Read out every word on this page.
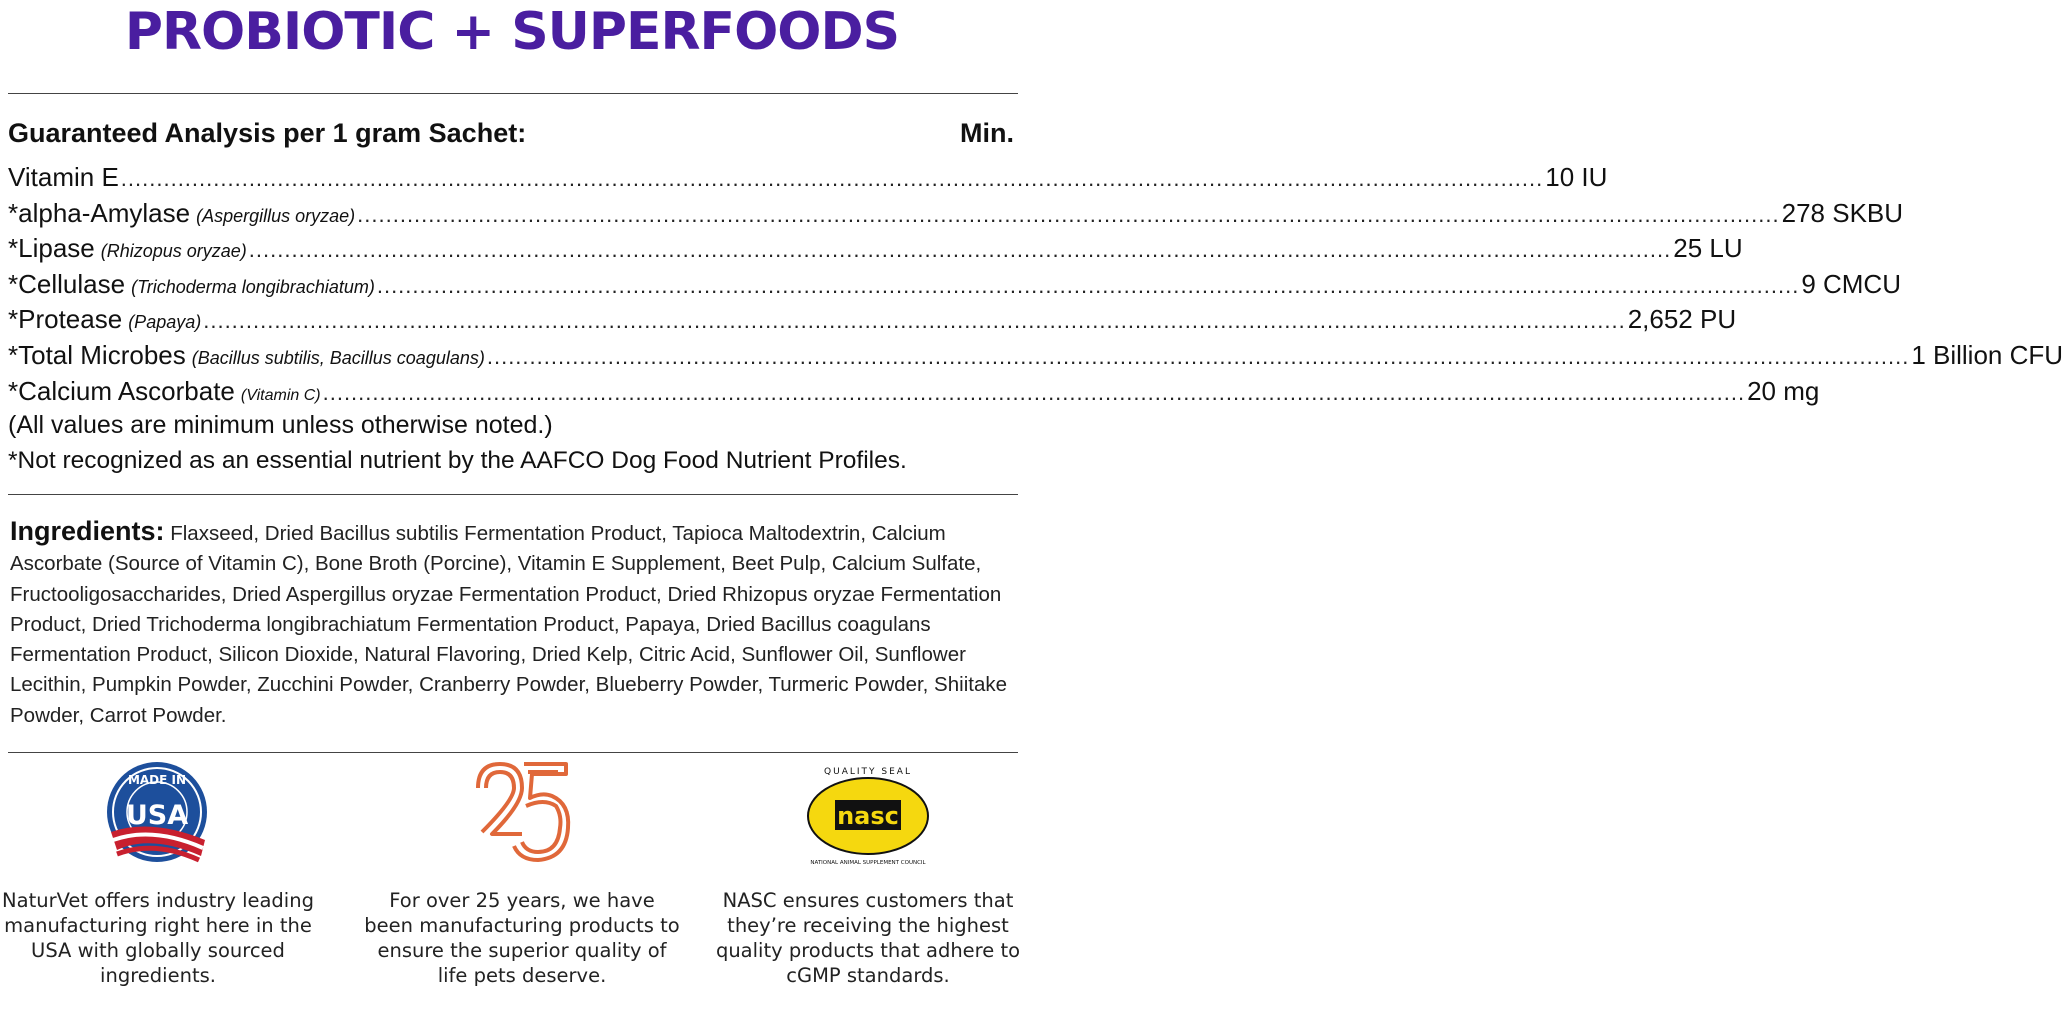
PROBIOTIC + SUPERFOODS
Guaranteed Analysis per 1 gram Sachet:	Min.
Vitamin E ........................................................................................................................................................................................................ 10 IU
*alpha-Amylase (Aspergillus oryzae) ........................................................................................................................................................................................................ 278 SKBU
*Lipase (Rhizopus oryzae) ........................................................................................................................................................................................................ 25 LU
*Cellulase (Trichoderma longibrachiatum) ........................................................................................................................................................................................................ 9 CMCU
*Protease (Papaya) ........................................................................................................................................................................................................ 2,652 PU
*Total Microbes (Bacillus subtilis, Bacillus coagulans) ........................................................................................................................................................................................................ 1 Billion CFU
*Calcium Ascorbate (Vitamin C) ........................................................................................................................................................................................................ 20 mg
(All values are minimum unless otherwise noted.)
*Not recognized as an essential nutrient by the AAFCO Dog Food Nutrient Profiles.
Ingredients: Flaxseed, Dried Bacillus subtilis Fermentation Product, Tapioca Maltodextrin, Calcium Ascorbate (Source of Vitamin C), Bone Broth (Porcine), Vitamin E Supplement, Beet Pulp, Calcium Sulfate, Fructooligosaccharides, Dried Aspergillus oryzae Fermentation Product, Dried Rhizopus oryzae Fermentation Product, Dried Trichoderma longibrachiatum Fermentation Product, Papaya, Dried Bacillus coagulans Fermentation Product, Silicon Dioxide, Natural Flavoring, Dried Kelp, Citric Acid, Sunflower Oil, Sunflower Lecithin, Pumpkin Powder, Zucchini Powder, Cranberry Powder, Blueberry Powder, Turmeric Powder, Shiitake Powder, Carrot Powder.
MADE IN
USA
NaturVet offers industry leading manufacturing right here in the USA with globally sourced ingredients.
For over 25 years, we have been manufacturing products to ensure the superior quality of life pets deserve.
nasc
QUALITY SEAL
NATIONAL ANIMAL SUPPLEMENT COUNCIL
NASC ensures customers that they’re receiving the highest quality products that adhere to cGMP standards.
